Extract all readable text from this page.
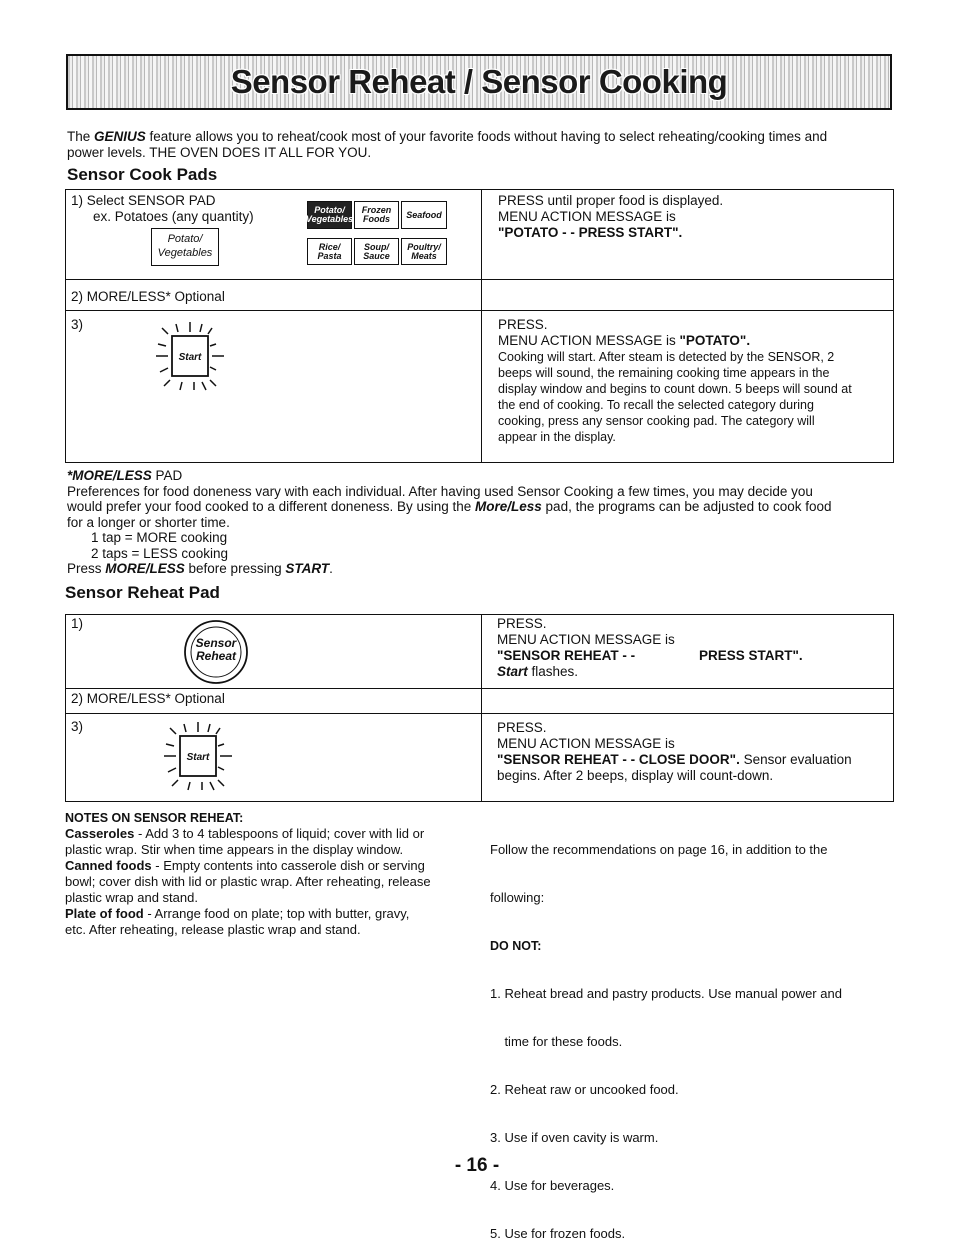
Sensor Reheat / Sensor Cooking
The GENIUS feature allows you to reheat/cook most of your favorite foods without having to select reheating/cooking times and
power levels. THE OVEN DOES IT ALL FOR YOU.
Sensor Cook Pads
1) Select SENSOR PAD
ex. Potatoes (any quantity)
Potato/
Vegetables
Potato/
Vegetables
Frozen
Foods Seafood
Rice/
Pasta
Soup/
Sauce
Poultry/
Meats
PRESS until proper food is displayed.
MENU ACTION MESSAGE is
"POTATO - - PRESS START".
2) MORE/LESS* Optional
3)
Start
PRESS.
MENU ACTION MESSAGE is "POTATO".
Cooking will start. After steam is detected by the SENSOR, 2
beeps will sound, the remaining cooking time appears in the
display window and begins to count down. 5 beeps will sound at
the end of cooking. To recall the selected category during
cooking, press any sensor cooking pad. The category will
appear in the display.
*MORE/LESS PAD
Preferences for food doneness vary with each individual. After having used Sensor Cooking a few times, you may decide you
would prefer your food cooked to a different doneness. By using the More/Less pad, the programs can be adjusted to cook food
for a longer or shorter time.
1 tap = MORE cooking
2 taps = LESS cooking
Press MORE/LESS before pressing START.
Sensor Reheat Pad
1)
Sensor
Reheat
PRESS.
MENU ACTION MESSAGE is
"SENSOR REHEAT - -	PRESS START".
Start flashes.
2) MORE/LESS* Optional
3)
Start
PRESS.
MENU ACTION MESSAGE is
"SENSOR REHEAT - - CLOSE DOOR". Sensor evaluation
begins. After 2 beeps, display will count-down.
NOTES ON SENSOR REHEAT:
Casseroles - Add 3 to 4 tablespoons of liquid; cover with lid or
plastic wrap. Stir when time appears in the display window.
Canned foods - Empty contents into casserole dish or serving
bowl; cover dish with lid or plastic wrap. After reheating, release
plastic wrap and stand.
Plate of food - Arrange food on plate; top with butter, gravy,
etc. After reheating, release plastic wrap and stand.

Follow the recommendations on page 16, in addition to the

following:

DO NOT:

1. Reheat bread and pastry products. Use manual power and

time for these foods.

2. Reheat raw or uncooked food.

3. Use if oven cavity is warm.

4. Use for beverages.

5. Use for frozen foods.

- 16 -
